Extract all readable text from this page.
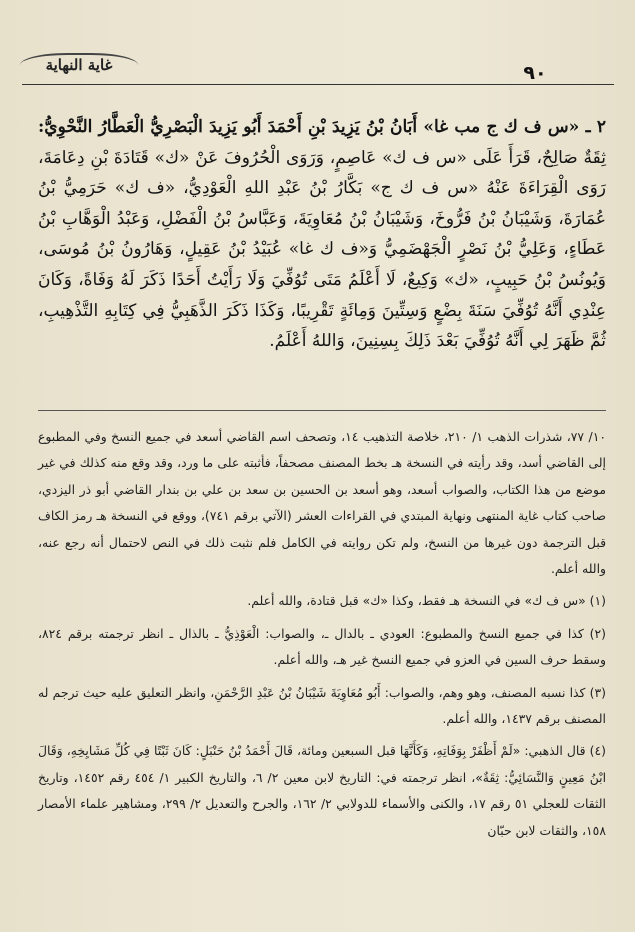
غاية النهاية	٩٠

٢ ـ «س ف ك ج مب غا» أَبَانُ بْنُ يَزِيدَ بْنِ أَحْمَدَ أَبُو يَزِيدَ الْبَصْرِيُّ الْعَطَّارُ النَّحْوِيُّ: ثِقَةٌ صَالِحٌ، قَرَأَ عَلَى «س ف ك» عَاصِمٍ، وَرَوَى الْحُرُوفَ عَنْ «ك» قَتَادَةَ بْنِ دِعَامَةَ، رَوَى الْقِرَاءَةَ عَنْهُ «س ف ك ج» بَكَّارُ بْنُ عَبْدِ اللهِ الْعَوْدِيُّ، «ف ك» حَرَمِيُّ بْنُ عُمَارَةَ، وَشَيْبَانُ بْنُ فَرُّوخَ، وَشَيْبَانُ بْنُ مُعَاوِيَةَ، وَعَبَّاسُ بْنُ الْفَضْلِ، وَعَبْدُ الْوَهَّابِ بْنُ عَطَاءٍ، وَعَلِيُّ بْنُ نَصْرٍ الْجَهْضَمِيُّ وَ«ف ك غا» عُبَيْدُ بْنُ عَقِيلٍ، وَهَارُونُ بْنُ مُوسَى، وَيُونُسُ بْنُ حَبِيبٍ، «ك» وَكِيعٌ، لَا أَعْلَمُ مَتَى تُوُفِّيَ وَلَا رَأَيْتُ أَحَدًا ذَكَرَ لَهُ وَفَاةً، وَكَانَ عِنْدِي أَنَّهُ تُوُفِّيَ سَنَةَ بِضْعٍ وَسِتِّينَ وَمِائَةٍ تَقْرِيبًا، وَكَذَا ذَكَرَ الذَّهَبِيُّ فِي كِتَابِهِ التَّذْهِيبِ، ثُمَّ ظَهَرَ لِي أَنَّهُ تُوُفِّيَ بَعْدَ ذَلِكَ بِسِنِينَ، وَاللهُ أَعْلَمُ.

١٠/ ٧٧، شذرات الذهب ١/ ٢١٠، خلاصة التذهيب ١٤، وتصحف اسم القاضي أسعد في جميع النسخ وفي المطبوع إلى القاضي أسد، وقد رأيته في النسخة هـ بخط المصنف مصحفاً، فأثبته على ما ورد، وقد وقع منه كذلك في غير موضع من هذا الكتاب، والصواب أسعد، وهو أسعد بن الحسين بن سعد بن علي بن بندار القاضي أبو ذر اليزدي، صاحب كتاب غاية المنتهى ونهاية المبتدي في القراءات العشر (الآتي برقم ٧٤١)، ووقع في النسخة هـ رمز الكاف قبل الترجمة دون غيرها من النسخ، ولم تكن روايته في الكامل فلم نثبت ذلك في النص لاحتمال أنه رجع عنه، والله أعلم.

(١) «س ف ك» في النسخة هـ فقط، وكذا «ك» قبل قتادة، والله أعلم.

(٢) كذا في جميع النسخ والمطبوع: العودي ـ بالدال ـ، والصواب: الْعَوْذِيُّ ـ بالذال ـ انظر ترجمته برقم ٨٢٤، وسقط حرف السين في العزو في جميع النسخ غير هـ، والله أعلم.

(٣) كذا نسبه المصنف، وهو وهم، والصواب: أَبُو مُعَاوِيَةَ شَيْبَانُ بْنُ عَبْدِ الرَّحْمَنِ، وانظر التعليق عليه حيث ترجم له المصنف برقم ١٤٣٧، والله أعلم.

(٤) قال الذهبي: «لَمْ أَظْفَرْ بِوَفَاتِهِ، وَكَأَنَّهَا قبل السبعين ومائة، قَالَ أَحْمَدُ بْنُ حَنْبَلٍ: كَانَ ثَبْتًا فِي كُلِّ مَشَايِخِهِ، وَقَالَ ابْنُ مَعِينٍ وَالنَّسَائِيُّ: ثِقَةٌ»، انظر ترجمته في: التاريخ لابن معين ٢/ ٦، والتاريخ الكبير ١/ ٤٥٤ رقم ١٤٥٢، وتاريخ الثقات للعجلي ٥١ رقم ١٧، والكنى والأسماء للدولابي ٢/ ١٦٢، والجرح والتعديل ٢/ ٢٩٩، ومشاهير علماء الأمصار ١٥٨، والثقات لابن حبّان
